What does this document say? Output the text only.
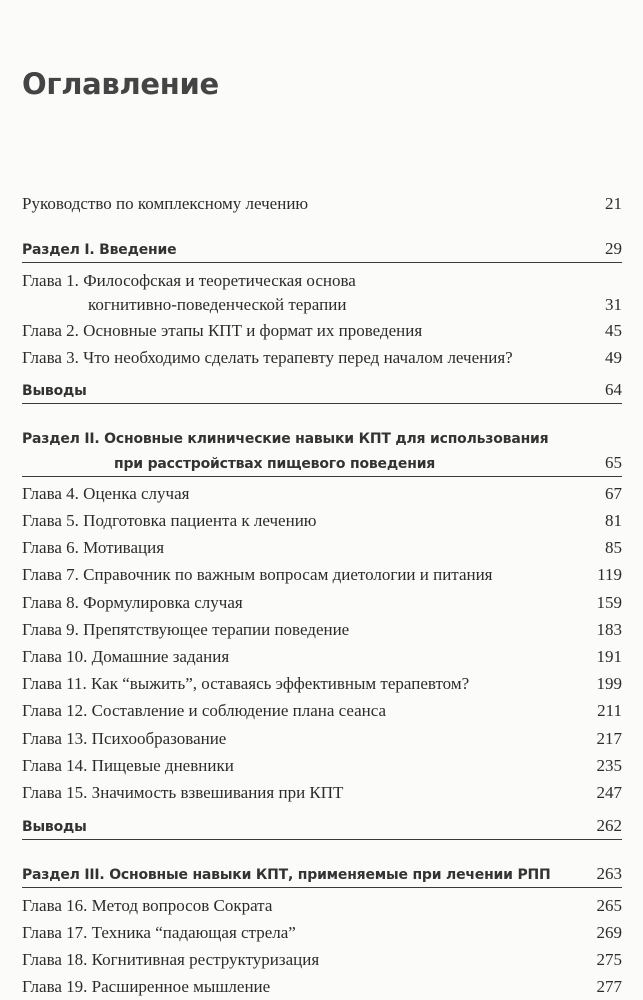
Оглавление
Руководство по комплексному лечению	21
Раздел I. Введение	29
Глава 1. Философская и теоретическая основа
когнитивно-поведенческой терапии	31
Глава 2. Основные этапы КПТ и формат их проведения	45
Глава 3. Что необходимо сделать терапевту перед началом лечения?	49
Выводы	64
Раздел II. Основные клинические навыки КПТ для использования
при расстройствах пищевого поведения	65
Глава 4. Оценка случая	67
Глава 5. Подготовка пациента к лечению	81
Глава 6. Мотивация	85
Глава 7. Справочник по важным вопросам диетологии и питания	119
Глава 8. Формулировка случая	159
Глава 9. Препятствующее терапии поведение	183
Глава 10. Домашние задания	191
Глава 11. Как “выжить”, оставаясь эффективным терапевтом?	199
Глава 12. Составление и соблюдение плана сеанса	211
Глава 13. Психообразование	217
Глава 14. Пищевые дневники	235
Глава 15. Значимость взвешивания при КПТ	247
Выводы	262
Раздел III. Основные навыки КПТ, применяемые при лечении РПП	263
Глава 16. Метод вопросов Сократа	265
Глава 17. Техника “падающая стрела”	269
Глава 18. Когнитивная реструктуризация	275
Глава 19. Расширенное мышление	277
